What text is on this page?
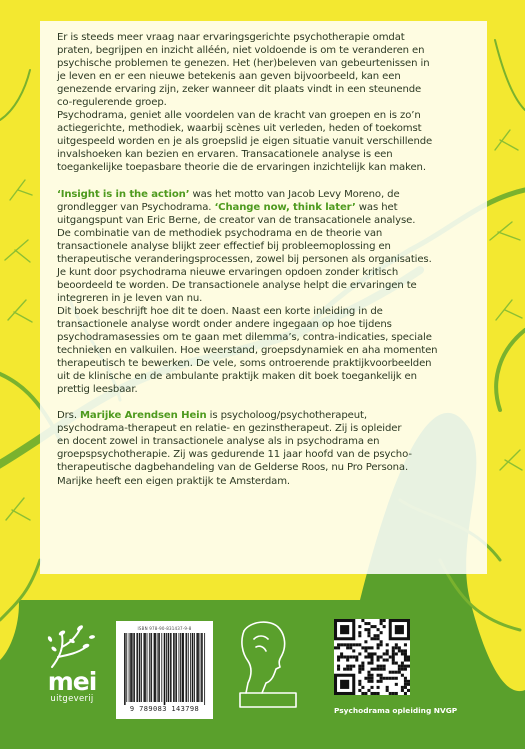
Er is steeds meer vraag naar ervaringsgerichte psychotherapie omdat

praten, begrijpen en inzicht alléén, niet voldoende is om te veranderen en

psychische problemen te genezen. Het (her)beleven van gebeurtenissen in

je leven en er een nieuwe betekenis aan geven bijvoorbeeld, kan een

genezende ervaring zijn, zeker wanneer dit plaats vindt in een steunende

co-regulerende groep.

Psychodrama, geniet alle voordelen van de kracht van groepen en is zo’n

actiegerichte, methodiek, waarbij scènes uit verleden, heden of toekomst

uitgespeeld worden en je als groepslid je eigen situatie vanuit verschillende

invalshoeken kan bezien en ervaren. Transacationele analyse is een

toegankelijke toepasbare theorie die de ervaringen inzichtelijk kan maken.

‘Insight is in the action’ was het motto van Jacob Levy Moreno, de

grondlegger van Psychodrama. ‘Change now, think later’ was het

uitgangspunt van Eric Berne, de creator van de transacationele analyse.

De combinatie van de methodiek psychodrama en de theorie van

transactionele analyse blijkt zeer effectief bij probleemoplossing en

therapeutische veranderingsprocessen, zowel bij personen als organisaties.

Je kunt door psychodrama nieuwe ervaringen opdoen zonder kritisch

beoordeeld te worden. De transactionele analyse helpt die ervaringen te

integreren in je leven van nu.

Dit boek beschrijft hoe dit te doen. Naast een korte inleiding in de

transactionele analyse wordt onder andere ingegaan op hoe tijdens

psychodramasessies om te gaan met dilemma’s, contra-indicaties, speciale

technieken en valkuilen. Hoe weerstand, groepsdynamiek en aha momenten

therapeutisch te bewerken. De vele, soms ontroerende praktijkvoorbeelden

uit de klinische en de ambulante praktijk maken dit boek toegankelijk en

prettig leesbaar.

Drs. Marijke Arendsen Hein is psycholoog/psychotherapeut,

psychodrama-therapeut en relatie- en gezinstherapeut. Zij is opleider

en docent zowel in transactionele analyse als in psychodrama en

groepspsychotherapie. Zij was gedurende 11 jaar hoofd van de psycho-

therapeutische dagbehandeling van de Gelderse Roos, nu Pro Persona.

Marijke heeft een eigen praktijk te Amsterdam.

mei
uitgeverij
ISBN 978-90-831437-9-8
9 789083 143798	Psychodrama opleiding NVGP
